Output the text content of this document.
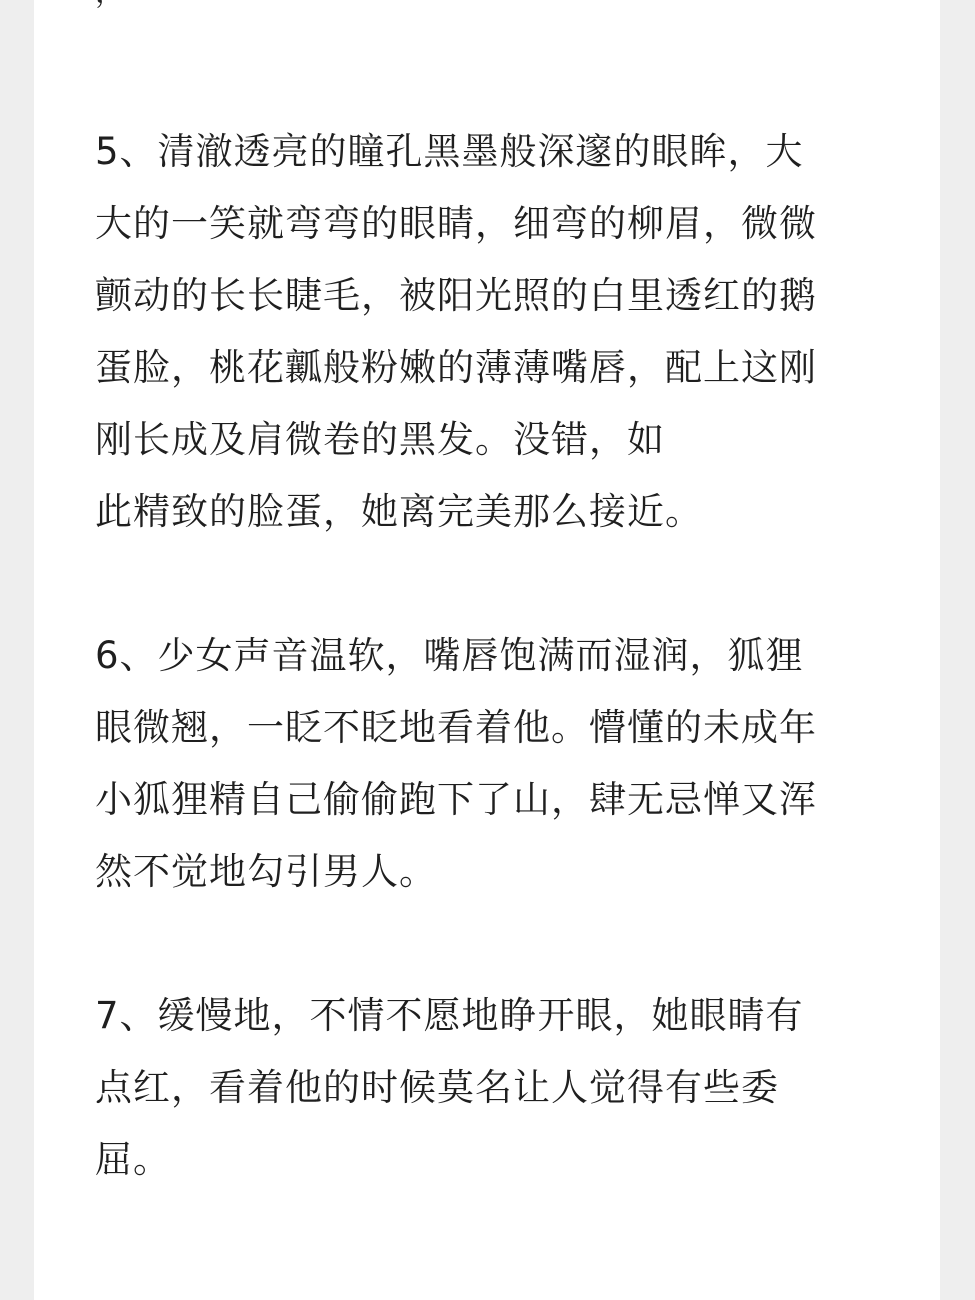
5、清澈透亮的瞳孔黑墨般深邃的眼眸，大
大的一笑就弯弯的眼睛，细弯的柳眉，微微
颤动的长长睫毛，被阳光照的白里透红的鹅
蛋脸，桃花瓤般粉嫩的薄薄嘴唇，配上这刚
刚长成及肩微卷的黑发。没错，如
此精致的脸蛋，她离完美那么接近。
6、少女声音温软，嘴唇饱满而湿润，狐狸
眼微翘，一眨不眨地看着他。懵懂的未成年
小狐狸精自己偷偷跑下了山，肆无忌惮又浑
然不觉地勾引男人。
7、缓慢地，不情不愿地睁开眼，她眼睛有
点红，看着他的时候莫名让人觉得有些委
屈。
